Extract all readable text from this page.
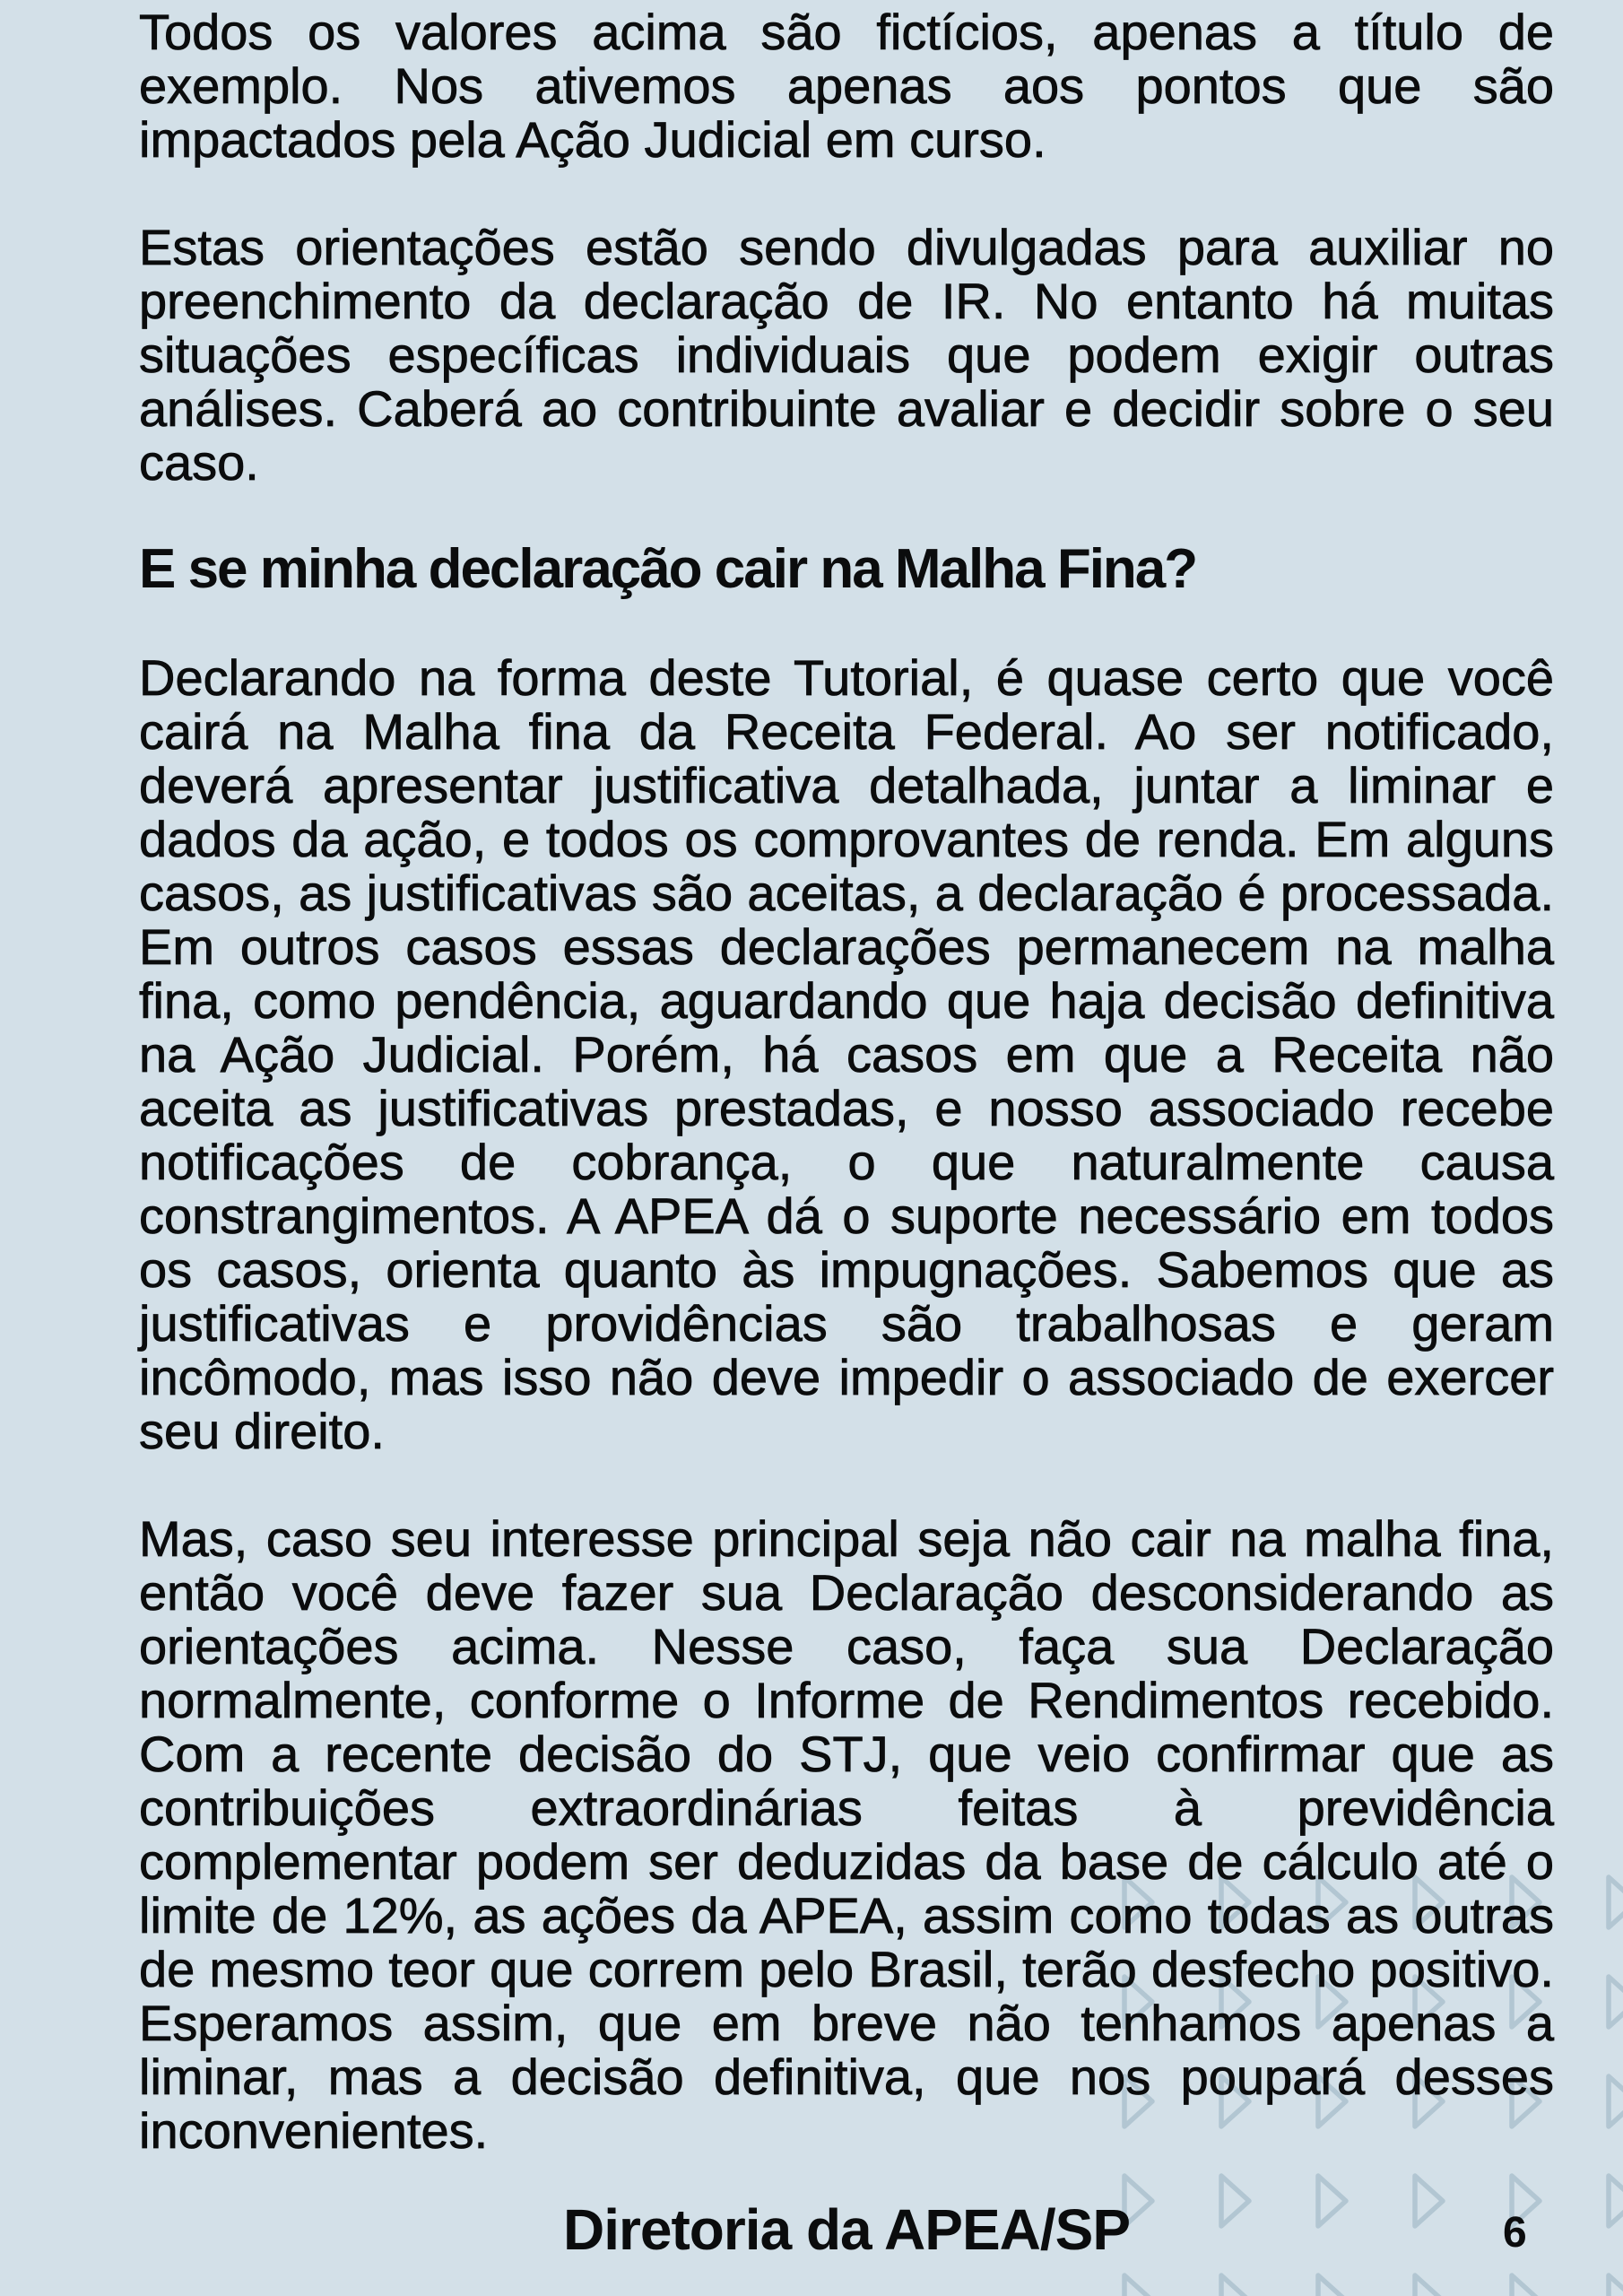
Todos os valores acima são fictícios, apenas a título de exemplo. Nos ativemos apenas aos pontos que são impactados pela Ação Judicial em curso.

Estas orientações estão sendo divulgadas para auxiliar no preenchimento da declaração de IR. No entanto há muitas situações específicas individuais que podem exigir outras análises. Caberá ao contribuinte avaliar e decidir sobre o seu caso.

E se minha declaração cair na Malha Fina?

Declarando na forma deste Tutorial, é quase certo que você cairá na Malha fina da Receita Federal. Ao ser notificado, deverá apresentar justificativa detalhada, juntar a liminar e dados da ação, e todos os comprovantes de renda. Em alguns casos, as justificativas são aceitas, a declaração é processada. Em outros casos essas declarações permanecem na malha fina, como pendência, aguardando que haja decisão definitiva na Ação Judicial. Porém, há casos em que a Receita não aceita as justificativas prestadas, e nosso associado recebe notificações de cobrança, o que naturalmente causa constrangimentos. A APEA dá o suporte necessário em todos os casos, orienta quanto às impugnações. Sabemos que as justificativas e providências são trabalhosas e geram incômodo, mas isso não deve impedir o associado de exercer seu direito.

Mas, caso seu interesse principal seja não cair na malha fina, então você deve fazer sua Declaração desconsiderando as orientações acima. Nesse caso, faça sua Declaração normalmente, conforme o Informe de Rendimentos recebido. Com a recente decisão do STJ, que veio confirmar que as contribuições extraordinárias feitas à previdência complementar podem ser deduzidas da base de cálculo até o limite de 12%, as ações da APEA, assim como todas as outras de mesmo teor que correm pelo Brasil, terão desfecho positivo. Esperamos assim, que em breve não tenhamos apenas a liminar, mas a decisão definitiva, que nos poupará desses inconvenientes.

Diretoria da APEA/SP	6
